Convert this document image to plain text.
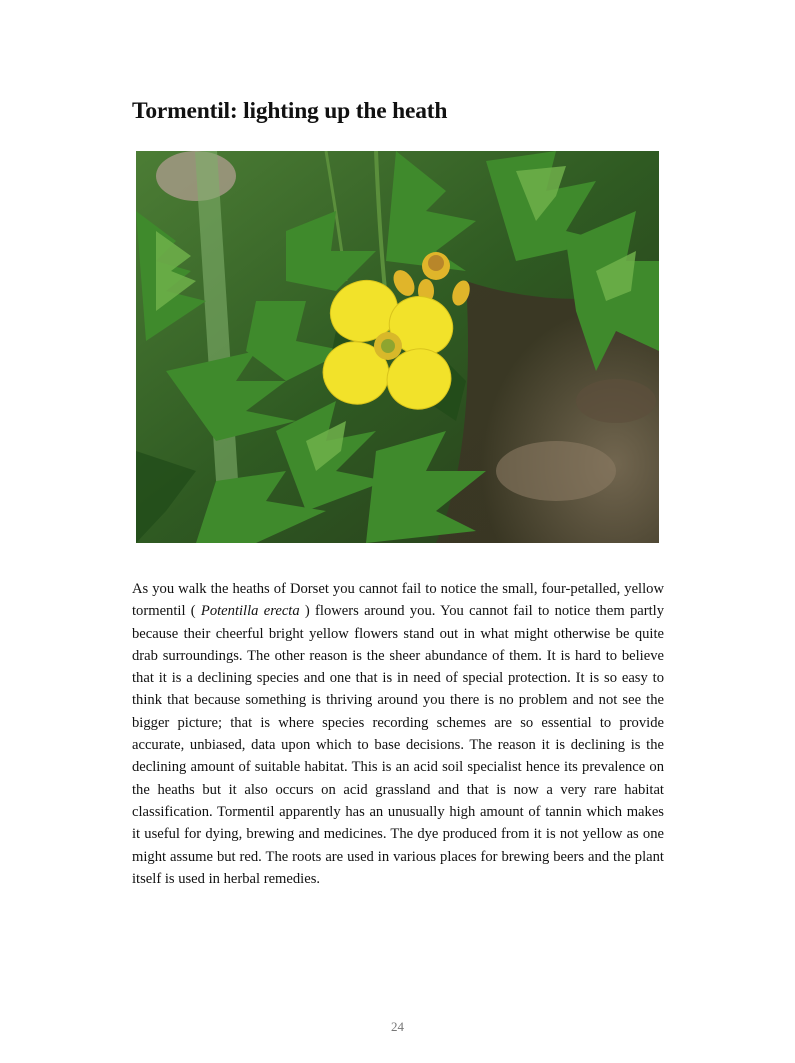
Tormentil: lighting up the heath

As you walk the heaths of Dorset you cannot fail to notice the small, four-petalled, yellow tormentil ( Potentilla erecta ) flowers around you. You cannot fail to notice them partly because their cheerful bright yellow flowers stand out in what might otherwise be quite drab surroundings. The other reason is the sheer abundance of them. It is hard to believe that it is a declining species and one that is in need of special protection. It is so easy to think that because something is thriving around you there is no problem and not see the bigger picture; that is where species recording schemes are so essential to provide accurate, unbiased, data upon which to base decisions. The reason it is declining is the declining amount of suitable habitat. This is an acid soil specialist hence its prevalence on the heaths but it also occurs on acid grassland and that is now a very rare habitat classification. Tormentil apparently has an unusually high amount of tannin which makes it useful for dying, brewing and medicines. The dye produced from it is not yellow as one might assume but red. The roots are used in various places for brewing beers and the plant itself is used in herbal remedies.

24
